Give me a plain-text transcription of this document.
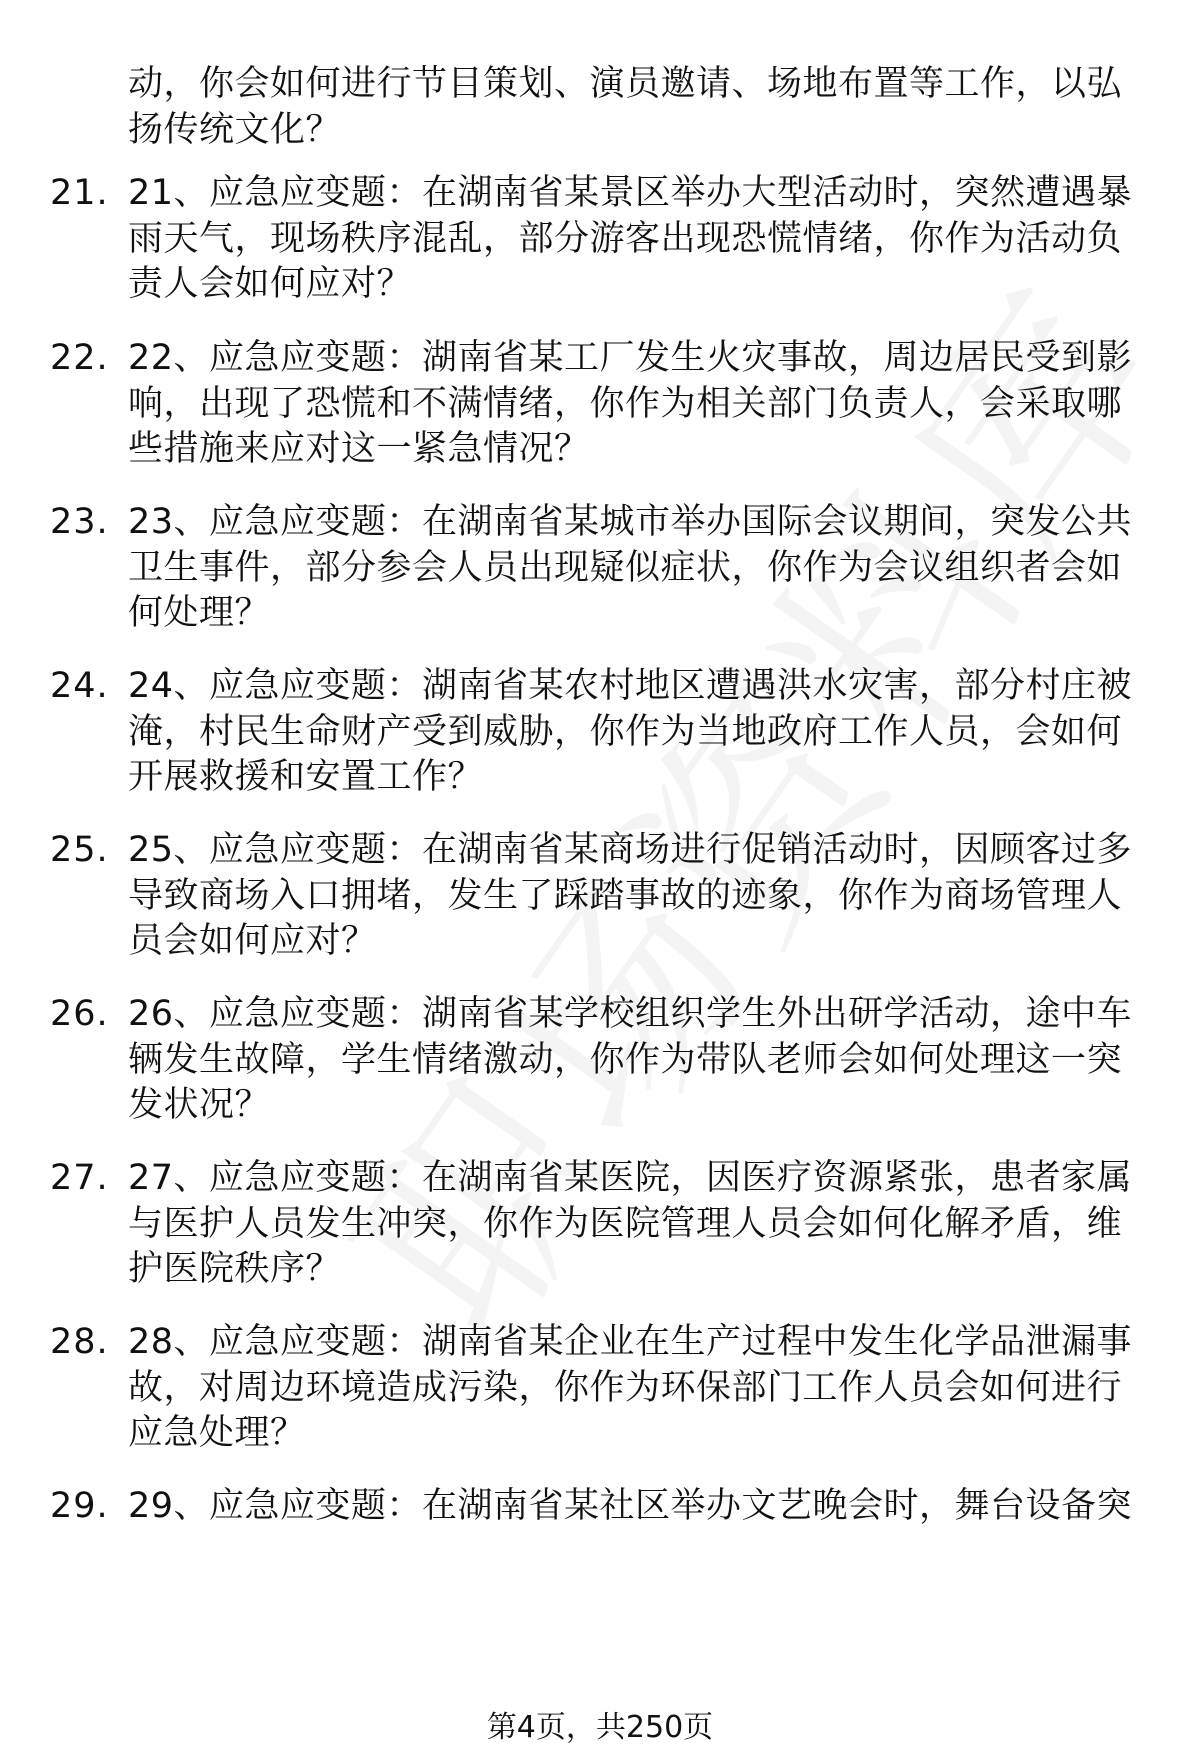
动，你会如何进行节目策划、演员邀请、场地布置等工作，以弘扬传统文化？
21. 21、应急应变题：在湖南省某景区举办大型活动时，突然遭遇暴雨天气，现场秩序混乱，部分游客出现恐慌情绪，你作为活动负责人会如何应对？
22. 22、应急应变题：湖南省某工厂发生火灾事故，周边居民受到影响，出现了恐慌和不满情绪，你作为相关部门负责人，会采取哪些措施来应对这一紧急情况？
23. 23、应急应变题：在湖南省某城市举办国际会议期间，突发公共卫生事件，部分参会人员出现疑似症状，你作为会议组织者会如何处理？
24. 24、应急应变题：湖南省某农村地区遭遇洪水灾害，部分村庄被淹，村民生命财产受到威胁，你作为当地政府工作人员，会如何开展救援和安置工作？
25. 25、应急应变题：在湖南省某商场进行促销活动时，因顾客过多导致商场入口拥堵，发生了踩踏事故的迹象，你作为商场管理人员会如何应对？
26. 26、应急应变题：湖南省某学校组织学生外出研学活动，途中车辆发生故障，学生情绪激动，你作为带队老师会如何处理这一突发状况？
27. 27、应急应变题：在湖南省某医院，因医疗资源紧张，患者家属与医护人员发生冲突，你作为医院管理人员会如何化解矛盾，维护医院秩序？
28. 28、应急应变题：湖南省某企业在生产过程中发生化学品泄漏事故，对周边环境造成污染，你作为环保部门工作人员会如何进行应急处理？
29. 29、应急应变题：在湖南省某社区举办文艺晚会时，舞台设备突
第4页，共250页
